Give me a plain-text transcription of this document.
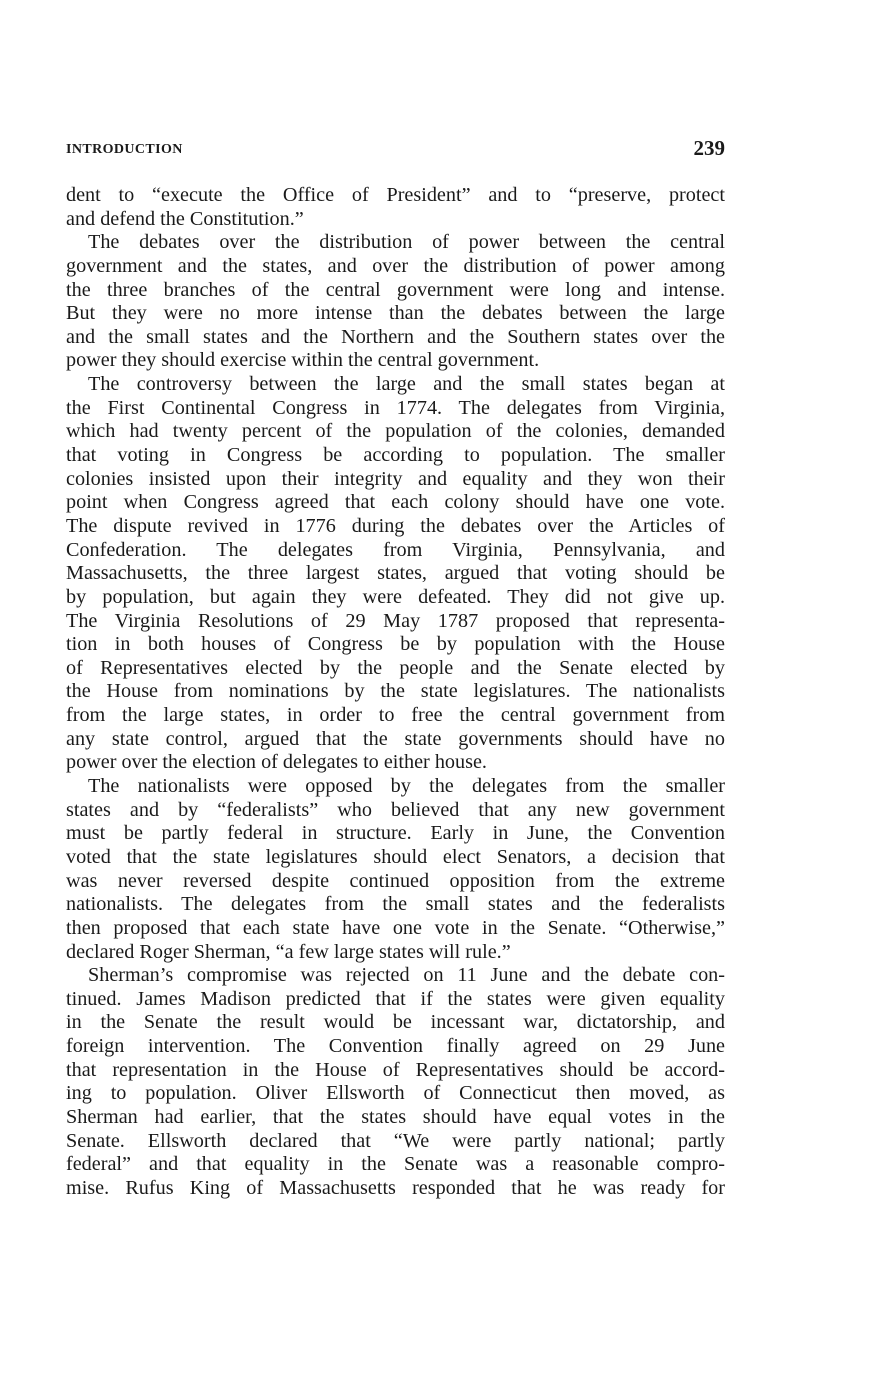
INTRODUCTION	239
dent to “execute the Office of President” and to “preserve, protect
and defend the Constitution.”
The debates over the distribution of power between the central
government and the states, and over the distribution of power among
the three branches of the central government were long and intense.
But they were no more intense than the debates between the large
and the small states and the Northern and the Southern states over the
power they should exercise within the central government.
The controversy between the large and the small states began at
the First Continental Congress in 1774. The delegates from Virginia,
which had twenty percent of the population of the colonies, demanded
that voting in Congress be according to population. The smaller
colonies insisted upon their integrity and equality and they won their
point when Congress agreed that each colony should have one vote.
The dispute revived in 1776 during the debates over the Articles of
Confederation. The delegates from Virginia, Pennsylvania, and
Massachusetts, the three largest states, argued that voting should be
by population, but again they were defeated. They did not give up.
The Virginia Resolutions of 29 May 1787 proposed that representa-
tion in both houses of Congress be by population with the House
of Representatives elected by the people and the Senate elected by
the House from nominations by the state legislatures. The nationalists
from the large states, in order to free the central government from
any state control, argued that the state governments should have no
power over the election of delegates to either house.
The nationalists were opposed by the delegates from the smaller
states and by “federalists” who believed that any new government
must be partly federal in structure. Early in June, the Convention
voted that the state legislatures should elect Senators, a decision that
was never reversed despite continued opposition from the extreme
nationalists. The delegates from the small states and the federalists
then proposed that each state have one vote in the Senate. “Otherwise,”
declared Roger Sherman, “a few large states will rule.”
Sherman’s compromise was rejected on 11 June and the debate con-
tinued. James Madison predicted that if the states were given equality
in the Senate the result would be incessant war, dictatorship, and
foreign intervention. The Convention finally agreed on 29 June
that representation in the House of Representatives should be accord-
ing to population. Oliver Ellsworth of Connecticut then moved, as
Sherman had earlier, that the states should have equal votes in the
Senate. Ellsworth declared that “We were partly national; partly
federal” and that equality in the Senate was a reasonable compro-
mise. Rufus King of Massachusetts responded that he was ready for
